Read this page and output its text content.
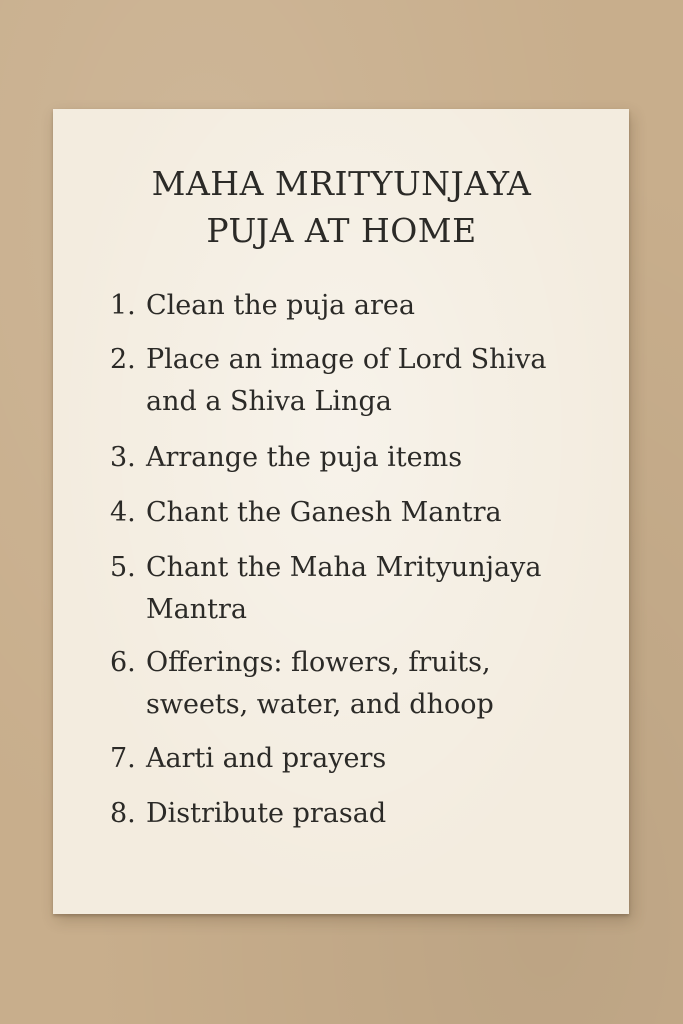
MAHA MRITYUNJAYA
PUJA AT HOME
1. Clean the puja area
2. Place an image of Lord Shiva
and a Shiva Linga
3. Arrange the puja items
4. Chant the Ganesh Mantra
5. Chant the Maha Mrityunjaya
Mantra
6. Offerings: flowers, fruits,
sweets, water, and dhoop
7. Aarti and prayers
8. Distribute prasad
